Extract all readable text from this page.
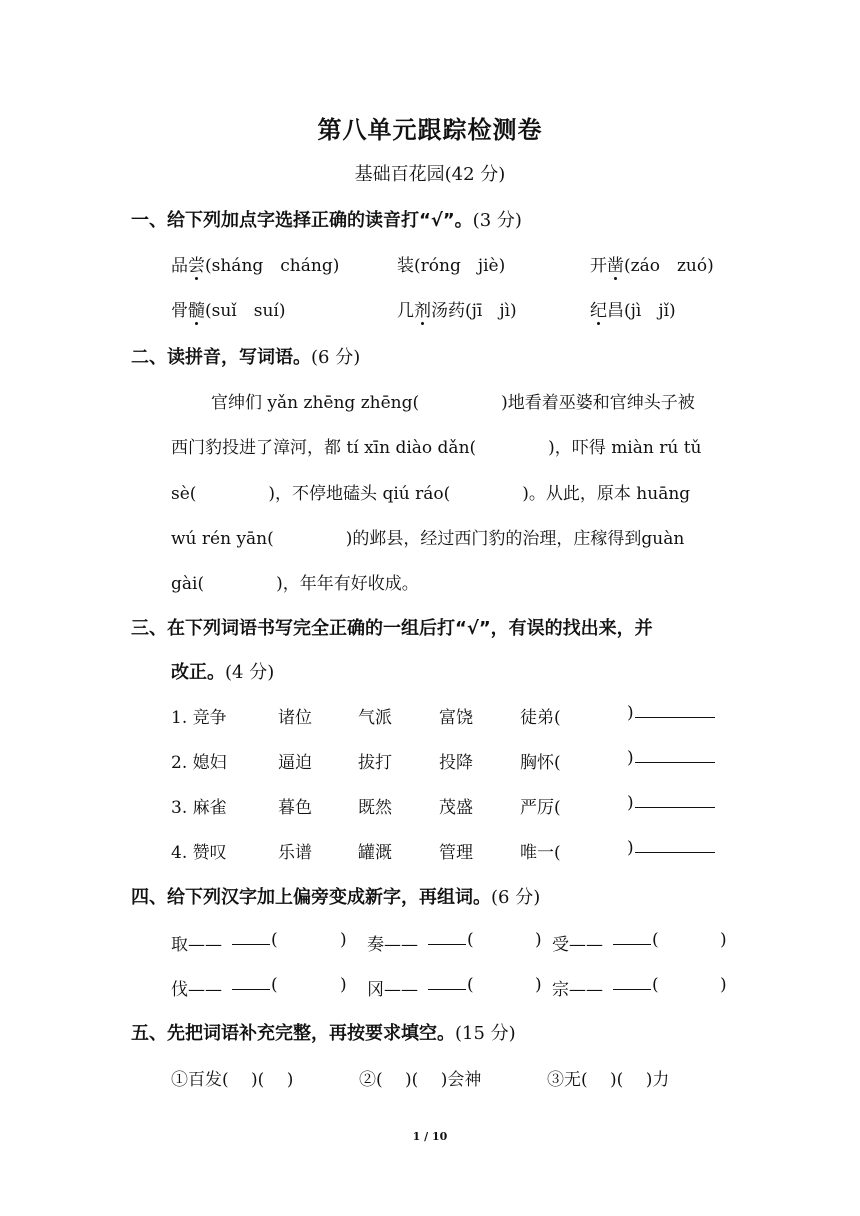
第八单元跟踪检测卷
基础百花园(42 分)
一、给下列加点字选择正确的读音打“√”。(3 分)
品尝(sháng　cháng)	装(róng　jiè)	开凿(záo　zuó)
骨髓(suǐ　suí)	几剂汤药(jī　jì)	纪昌(jì　jǐ)
二、读拼音，写词语。(6 分)
官绅们 yǎn zhēng zhēng(	)地看着巫婆和官绅头子被
西门豹投进了漳河，都 tí xīn diào dǎn(	)，吓得 miàn rú tǔ
sè(	)，不停地磕头 qiú ráo(	)。从此，原本 huāng
wú rén yān(	)的邺县，经过西门豹的治理，庄稼得到guàn
gài(	)，年年有好收成。
三、在下列词语书写完全正确的一组后打“√”，有误的找出来，并
改正。(4 分)
1. 竞争	诸位	气派	富饶	徒弟(	)
2. 媳妇	逼迫	拔打	投降	胸怀(	)
3. 麻雀	暮色	既然	茂盛	严厉(	)
4. 赞叹	乐谱	罐溉	管理	唯一(	)
四、给下列汉字加上偏旁变成新字，再组词。(6 分)
取——	(	) 奏——	(	) 受——	(	)
伐——	(	) 冈——	(	) 宗——	(	)
五、先把词语补充完整，再按要求填空。(15 分)
①百发(　 )(　 )	②(　 )(　 )会神	③无(　 )(　 )力
1 / 10
